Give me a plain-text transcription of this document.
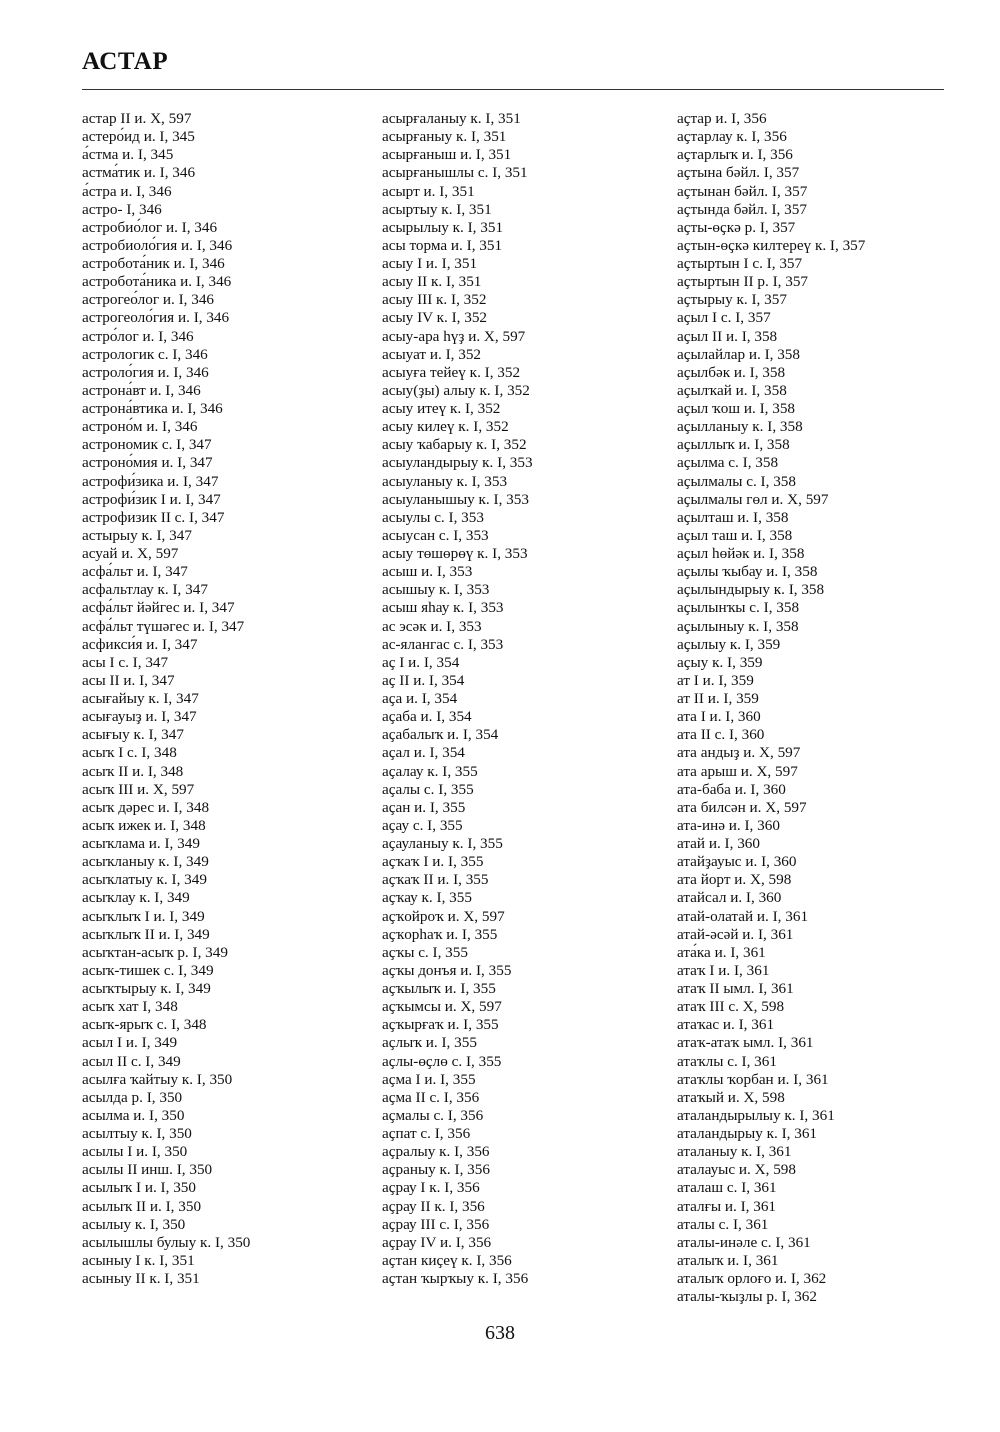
АСТАР
астар II и. X, 597
астеро́ид и. I, 345
а́стма и. I, 345
астма́тик и. I, 346
а́стра и. I, 346
астро- I, 346
астробио́лог и. I, 346
астробиоло́гия и. I, 346
астробота́ник и. I, 346
астробота́ника и. I, 346
астрогео́лог и. I, 346
астрогеоло́гия и. I, 346
астро́лог и. I, 346
астрологик с. I, 346
астроло́гия и. I, 346
астрона́вт и. I, 346
астрона́втика и. I, 346
астроно́м и. I, 346
астрономик с. I, 347
астроно́мия и. I, 347
астрофи́зика и. I, 347
астрофи́зик I и. I, 347
астрофизик II с. I, 347
астырыу к. I, 347
асуай и. X, 597
асфа́льт и. I, 347
асфальтлау к. I, 347
асфа́льт йәйгес и. I, 347
асфа́льт түшәгес и. I, 347
асфикси́я и. I, 347
асы I с. I, 347
асы II и. I, 347
асығайыу к. I, 347
асығауыҙ и. I, 347
асығыу к. I, 347
асыҡ I с. I, 348
асыҡ II и. I, 348
асыҡ III и. X, 597
асыҡ дәрес и. I, 348
асыҡ ижек и. I, 348
асыҡлама и. I, 349
асыҡланыу к. I, 349
асыҡлатыу к. I, 349
асыҡлау к. I, 349
асыҡлыҡ I и. I, 349
асыҡлыҡ II и. I, 349
асыҡтан-асыҡ р. I, 349
асыҡ-тишек с. I, 349
асыҡтырыу к. I, 349
асыҡ хат I, 348
асыҡ-ярыҡ с. I, 348
асыл I и. I, 349
асыл II с. I, 349
асылға ҡайтыу к. I, 350
асылда р. I, 350
асылма и. I, 350
асылтыу к. I, 350
асылы I и. I, 350
асылы II инш. I, 350
асылыҡ I и. I, 350
асылыҡ II и. I, 350
асылыу к. I, 350
асылышлы булыу к. I, 350
асыныу I к. I, 351
асыныу II к. I, 351
асырғаланыу к. I, 351
асырғаныу к. I, 351
асырғаныш и. I, 351
асырғанышлы с. I, 351
асырт и. I, 351
асыртыу к. I, 351
асырылыу к. I, 351
асы торма и. I, 351
асыу I и. I, 351
асыу II к. I, 351
асыу III к. I, 352
асыу IV к. I, 352
асыу-ара һүҙ и. X, 597
асыуат и. I, 352
асыуға тейеү к. I, 352
асыу(ҙы) алыу к. I, 352
асыу итеү к. I, 352
асыу килеү к. I, 352
асыу ҡабарыу к. I, 352
асыуландырыу к. I, 353
асыуланыу к. I, 353
асыуланышыу к. I, 353
асыулы с. I, 353
асыусан с. I, 353
асыу төшөрөү к. I, 353
асыш и. I, 353
асышыу к. I, 353
асыш яһау к. I, 353
ас эсәк и. I, 353
ас-ялангас с. I, 353
аҫ I и. I, 354
аҫ II и. I, 354
аҫа и. I, 354
аҫаба и. I, 354
аҫабалыҡ и. I, 354
аҫал и. I, 354
аҫалау к. I, 355
аҫалы с. I, 355
аҫан и. I, 355
аҫау с. I, 355
аҫауланыу к. I, 355
аҫҡаҡ I и. I, 355
аҫҡаҡ II и. I, 355
аҫҡау к. I, 355
аҫҡойроҡ и. X, 597
аҫҡорһаҡ и. I, 355
аҫҡы с. I, 355
аҫҡы донъя и. I, 355
аҫҡылыҡ и. I, 355
аҫҡымсы и. X, 597
аҫҡырғаҡ и. I, 355
аҫлыҡ и. I, 355
аҫлы-өҫлө с. I, 355
аҫма I и. I, 355
аҫма II с. I, 356
аҫмалы с. I, 356
аҫпат с. I, 356
аҫралыу к. I, 356
аҫраныу к. I, 356
аҫрау I к. I, 356
аҫрау II к. I, 356
аҫрау III с. I, 356
аҫрау IV и. I, 356
аҫтан киҫеү к. I, 356
аҫтан ҡырҡыу к. I, 356
аҫтар и. I, 356
аҫтарлау к. I, 356
аҫтарлыҡ и. I, 356
аҫтына бәйл. I, 357
аҫтынан бәйл. I, 357
аҫтында бәйл. I, 357
аҫты-өҫкә р. I, 357
аҫтын-өҫкә килтереү к. I, 357
аҫтыртын I с. I, 357
аҫтыртын II р. I, 357
аҫтырыу к. I, 357
аҫыл I с. I, 357
аҫыл II и. I, 358
аҫылайлар и. I, 358
аҫылбәк и. I, 358
аҫылҡай и. I, 358
аҫыл ҡош и. I, 358
аҫылланыу к. I, 358
аҫыллыҡ и. I, 358
аҫылма с. I, 358
аҫылмалы с. I, 358
аҫылмалы гөл и. X, 597
аҫылташ и. I, 358
аҫыл таш и. I, 358
аҫыл һөйәк и. I, 358
аҫылы ҡыбау и. I, 358
аҫылындырыу к. I, 358
аҫылынҡы с. I, 358
аҫылыныу к. I, 358
аҫылыу к. I, 359
аҫыу к. I, 359
ат I и. I, 359
ат II и. I, 359
ата I и. I, 360
ата II с. I, 360
ата андыҙ и. X, 597
ата арыш и. X, 597
ата-баба и. I, 360
ата билсән и. X, 597
ата-инә и. I, 360
атай и. I, 360
атайҙауыс и. I, 360
ата йорт и. X, 598
атайсал и. I, 360
атай-олатай и. I, 361
атай-әсәй и. I, 361
ата́ка и. I, 361
атаҡ I и. I, 361
атаҡ II ымл. I, 361
атаҡ III с. X, 598
атаҡас и. I, 361
атаҡ-атаҡ ымл. I, 361
атаҡлы с. I, 361
атаҡлы ҡорбан и. I, 361
атаҡый и. X, 598
аталандырылыу к. I, 361
аталандырыу к. I, 361
аталаныу к. I, 361
аталауыс и. X, 598
аталаш с. I, 361
аталғы и. I, 361
аталы с. I, 361
аталы-инәле с. I, 361
аталыҡ и. I, 361
аталыҡ орлоғо и. I, 362
аталы-ҡыҙлы р. I, 362
638
